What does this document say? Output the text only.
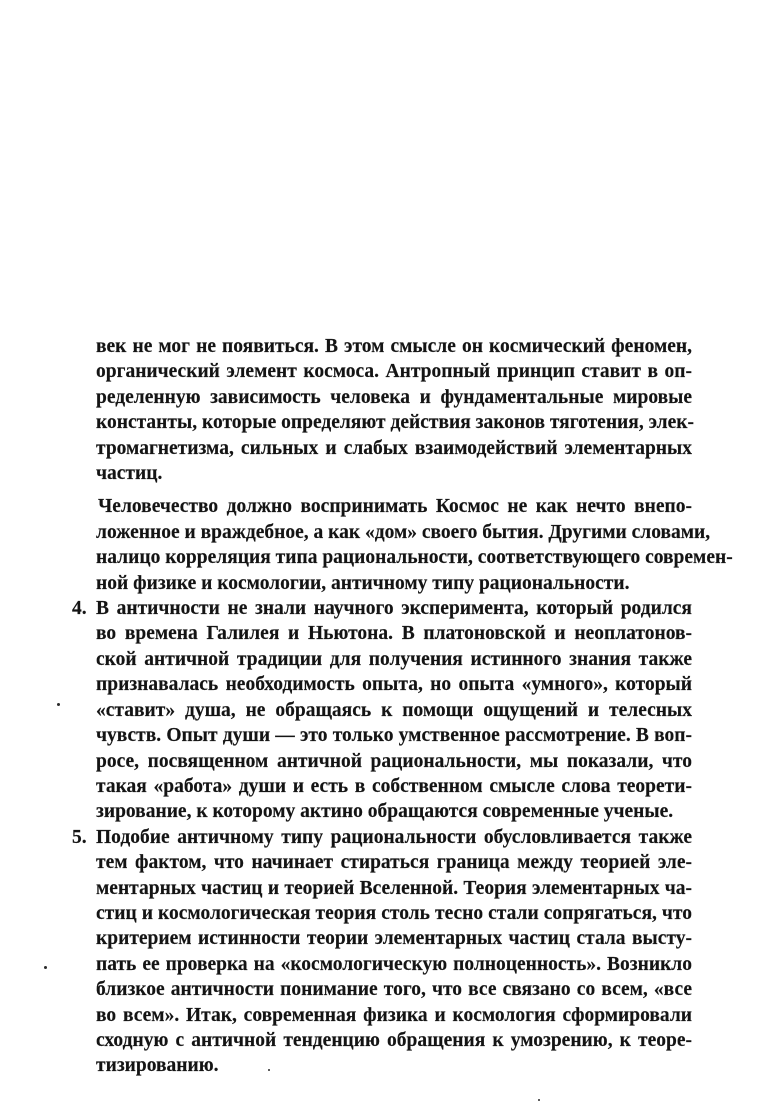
век не мог не появиться. В этом смысле он космический феномен,
органический элемент космоса. Антропный принцип ставит в оп-
ределенную зависимость человека и фундаментальные мировые
константы, которые определяют действия законов тяготения, элек-
тромагнетизма, сильных и слабых взаимодействий элементарных
частиц.
Человечество должно воспринимать Космос не как нечто внепо-
ложенное и враждебное, а как «дом» своего бытия. Другими словами,
налицо корреляция типа рациональности, соответствующего современ-
ной физике и космологии, античному типу рациональности.
4. В античности не знали научного эксперимента, который родился
во времена Галилея и Ньютона. В платоновской и неоплатонов-
ской античной традиции для получения истинного знания также
признавалась необходимость опыта, но опыта «умного», который
«ставит» душа, не обращаясь к помощи ощущений и телесных
чувств. Опыт души — это только умственное рассмотрение. В воп-
росе, посвященном античной рациональности, мы показали, что
такая «работа» души и есть в собственном смысле слова теорети-
зирование, к которому актино обращаются современные ученые.
5. Подобие античному типу рациональности обусловливается также
тем фактом, что начинает стираться граница между теорией эле-
ментарных частиц и теорией Вселенной. Теория элементарных ча-
стиц и космологическая теория столь тесно стали сопрягаться, что
критерием истинности теории элементарных частиц стала высту-
пать ее проверка на «космологическую полноценность». Возникло
близкое античности понимание того, что все связано со всем, «все
во всем». Итак, современная физика и космология сформировали
сходную с античной тенденцию обращения к умозрению, к теоре-
тизированию.
